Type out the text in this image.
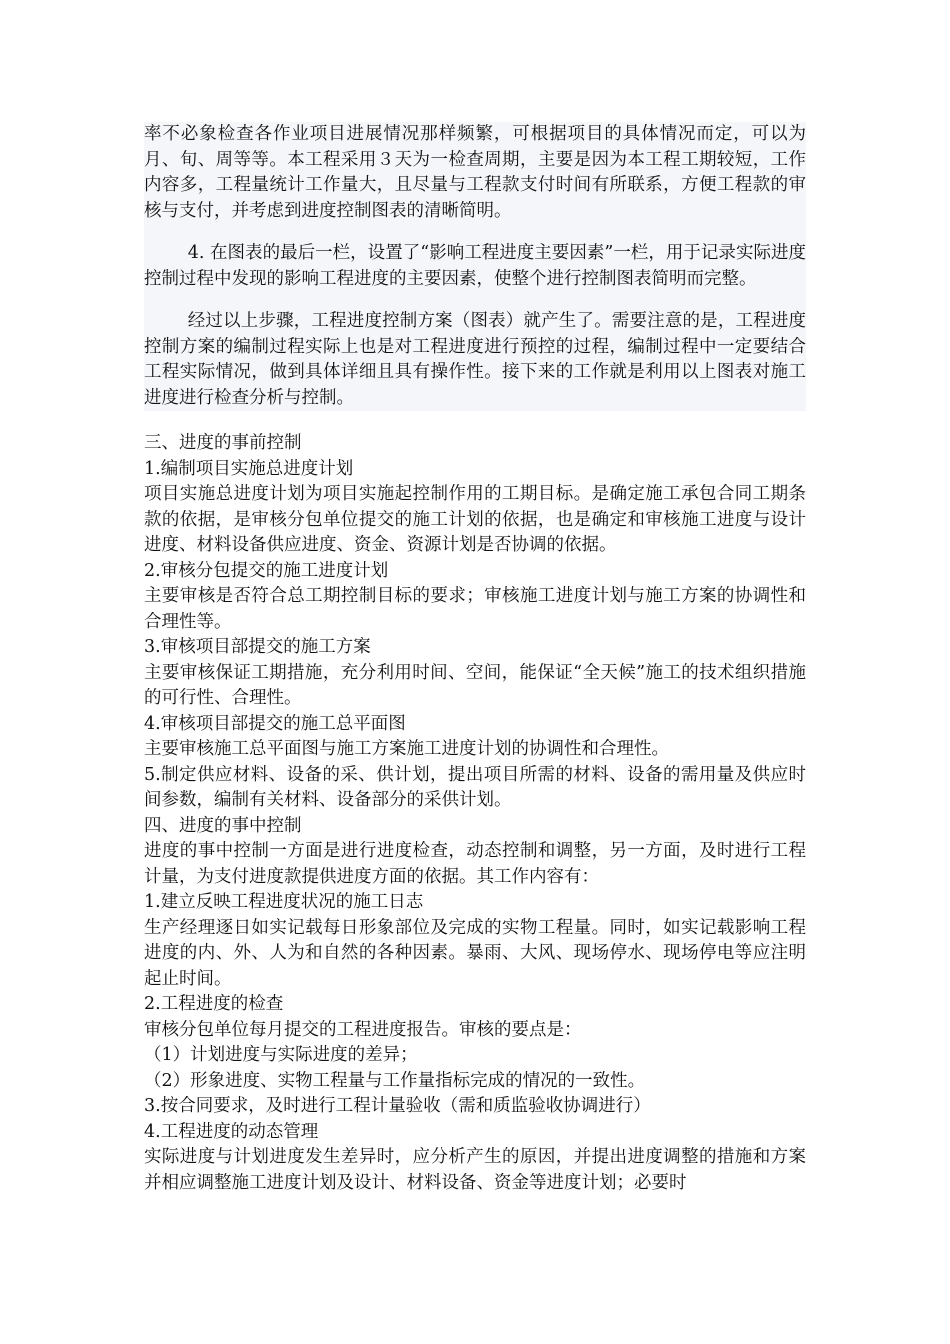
率不必象检查各作业项目进展情况那样频繁，可根据项目的具体情况而定，可以为月、旬、周等等。本工程采用３天为一检查周期，主要是因为本工程工期较短，工作内容多，工程量统计工作量大，且尽量与工程款支付时间有所联系，方便工程款的审核与支付，并考虑到进度控制图表的清晰简明。

4. 在图表的最后一栏，设置了“影响工程进度主要因素”一栏，用于记录实际进度控制过程中发现的影响工程进度的主要因素，使整个进行控制图表简明而完整。

经过以上步骤，工程进度控制方案（图表）就产生了。需要注意的是，工程进度控制方案的编制过程实际上也是对工程进度进行预控的过程，编制过程中一定要结合工程实际情况，做到具体详细且具有操作性。接下来的工作就是利用以上图表对施工进度进行检查分析与控制。

三、进度的事前控制

1.编制项目实施总进度计划

项目实施总进度计划为项目实施起控制作用的工期目标。是确定施工承包合同工期条款的依据，是审核分包单位提交的施工计划的依据，也是确定和审核施工进度与设计进度、材料设备供应进度、资金、资源计划是否协调的依据。

2.审核分包提交的施工进度计划

主要审核是否符合总工期控制目标的要求；审核施工进度计划与施工方案的协调性和合理性等。

3.审核项目部提交的施工方案

主要审核保证工期措施，充分利用时间、空间，能保证“全天候”施工的技术组织措施的可行性、合理性。

4.审核项目部提交的施工总平面图

主要审核施工总平面图与施工方案施工进度计划的协调性和合理性。

5.制定供应材料、设备的采、供计划，提出项目所需的材料、设备的需用量及供应时间参数，编制有关材料、设备部分的采供计划。

四、进度的事中控制

进度的事中控制一方面是进行进度检查，动态控制和调整，另一方面，及时进行工程计量，为支付进度款提供进度方面的依据。其工作内容有：

1.建立反映工程进度状况的施工日志

生产经理逐日如实记载每日形象部位及完成的实物工程量。同时，如实记载影响工程进度的内、外、人为和自然的各种因素。暴雨、大风、现场停水、现场停电等应注明起止时间。

2.工程进度的检查

审核分包单位每月提交的工程进度报告。审核的要点是：

（1）计划进度与实际进度的差异；

（2）形象进度、实物工程量与工作量指标完成的情况的一致性。

3.按合同要求，及时进行工程计量验收（需和质监验收协调进行）

4.工程进度的动态管理

实际进度与计划进度发生差异时，应分析产生的原因，并提出进度调整的措施和方案并相应调整施工进度计划及设计、材料设备、资金等进度计划；必要时
